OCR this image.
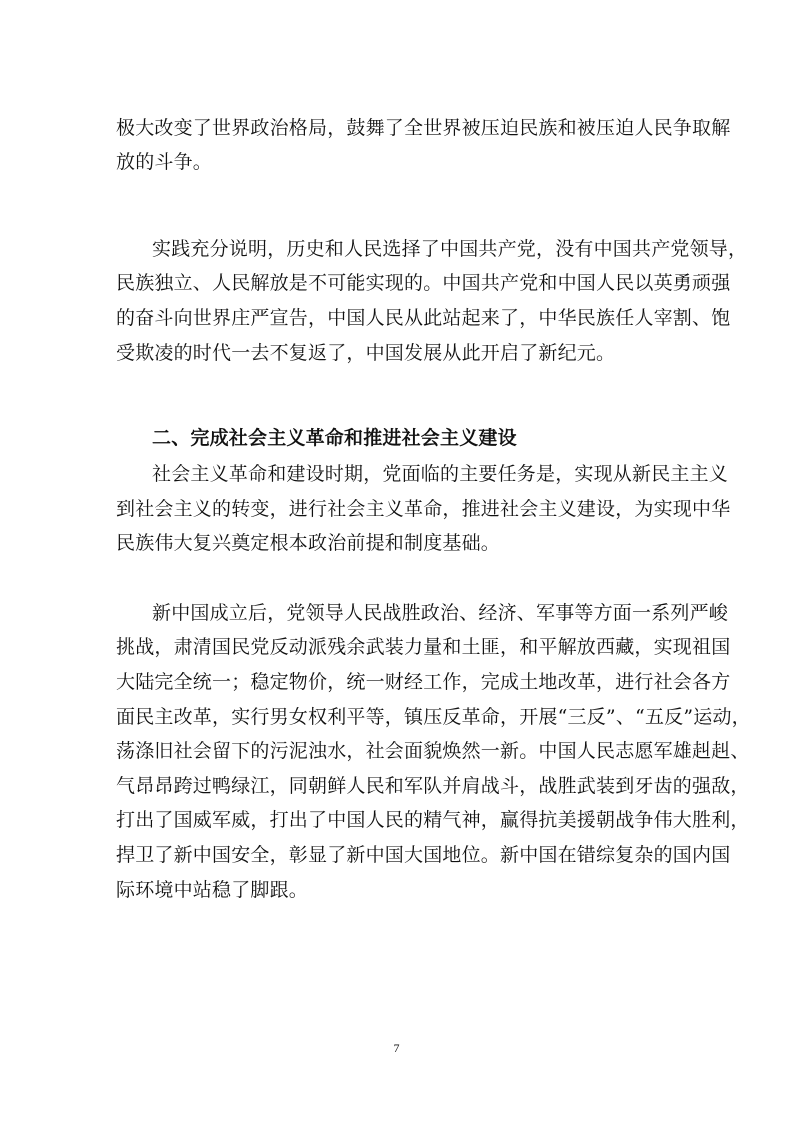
极大改变了世界政治格局，鼓舞了全世界被压迫民族和被压迫人民争取解
放的斗争。
实践充分说明，历史和人民选择了中国共产党，没有中国共产党领导，
民族独立、人民解放是不可能实现的。中国共产党和中国人民以英勇顽强
的奋斗向世界庄严宣告，中国人民从此站起来了，中华民族任人宰割、饱
受欺凌的时代一去不复返了，中国发展从此开启了新纪元。
二、完成社会主义革命和推进社会主义建设
社会主义革命和建设时期，党面临的主要任务是，实现从新民主主义
到社会主义的转变，进行社会主义革命，推进社会主义建设，为实现中华
民族伟大复兴奠定根本政治前提和制度基础。
新中国成立后，党领导人民战胜政治、经济、军事等方面一系列严峻
挑战，肃清国民党反动派残余武装力量和土匪，和平解放西藏，实现祖国
大陆完全统一；稳定物价，统一财经工作，完成土地改革，进行社会各方
面民主改革，实行男女权利平等，镇压反革命，开展“三反”、“五反”运动，
荡涤旧社会留下的污泥浊水，社会面貌焕然一新。中国人民志愿军雄赳赳、
气昂昂跨过鸭绿江，同朝鲜人民和军队并肩战斗，战胜武装到牙齿的强敌，
打出了国威军威，打出了中国人民的精气神，赢得抗美援朝战争伟大胜利，
捍卫了新中国安全，彰显了新中国大国地位。新中国在错综复杂的国内国
际环境中站稳了脚跟。
7
